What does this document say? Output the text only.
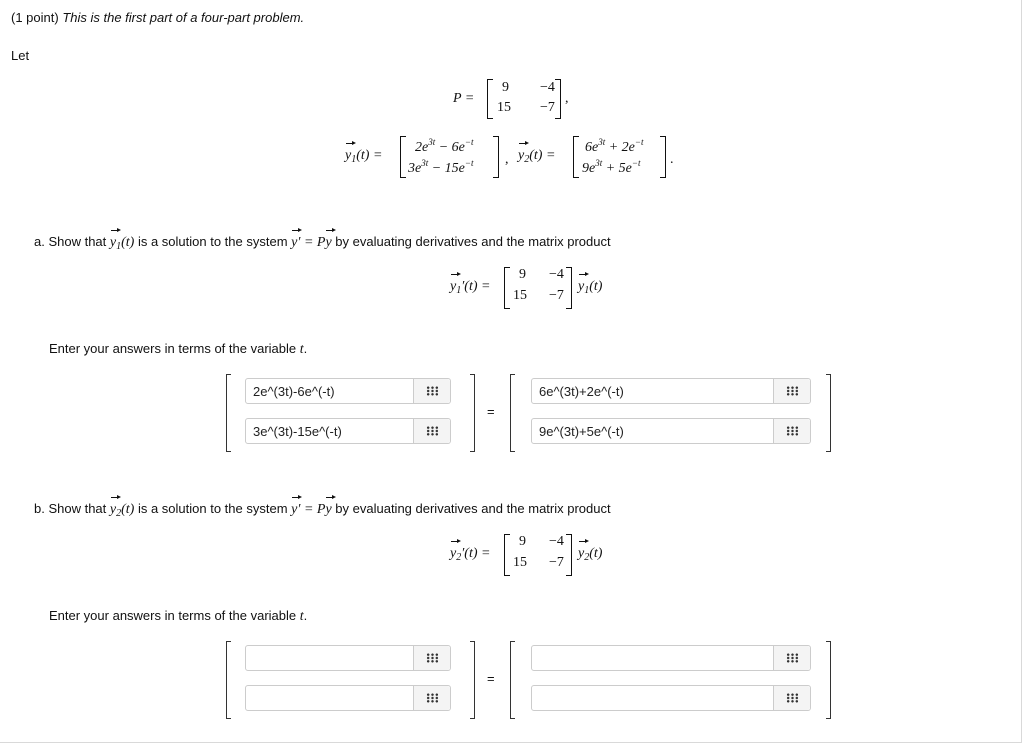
(1 point) This is the first part of a four-part problem.
Let
P =
9 −4
15 −7
,
$y_1(t)$ =
$2e^{3t} - 6e^{-t}$
$3e^{3t} - 15e^{-t}$ , $y_2(t)$ =
$6e^{3t} + 2e^{-t}$
$9e^{3t} + 5e^{-t}$ .
a. Show that $y_1(t)$ is a solution to the system y′ = Py by evaluating derivatives and the matrix product
$y_1'(t)$ =
9 −4
15 −7
$y_1(t)$
Enter your answers in terms of the variable t.
2e^(3t)-6e^(-t)
3e^(3t)-15e^(-t)
=
6e^(3t)+2e^(-t)
9e^(3t)+5e^(-t)
b. Show that $y_2(t)$ is a solution to the system y′ = Py by evaluating derivatives and the matrix product
$y_2'(t)$ =
9 −4
15 −7
$y_2(t)$
Enter your answers in terms of the variable t.
=
